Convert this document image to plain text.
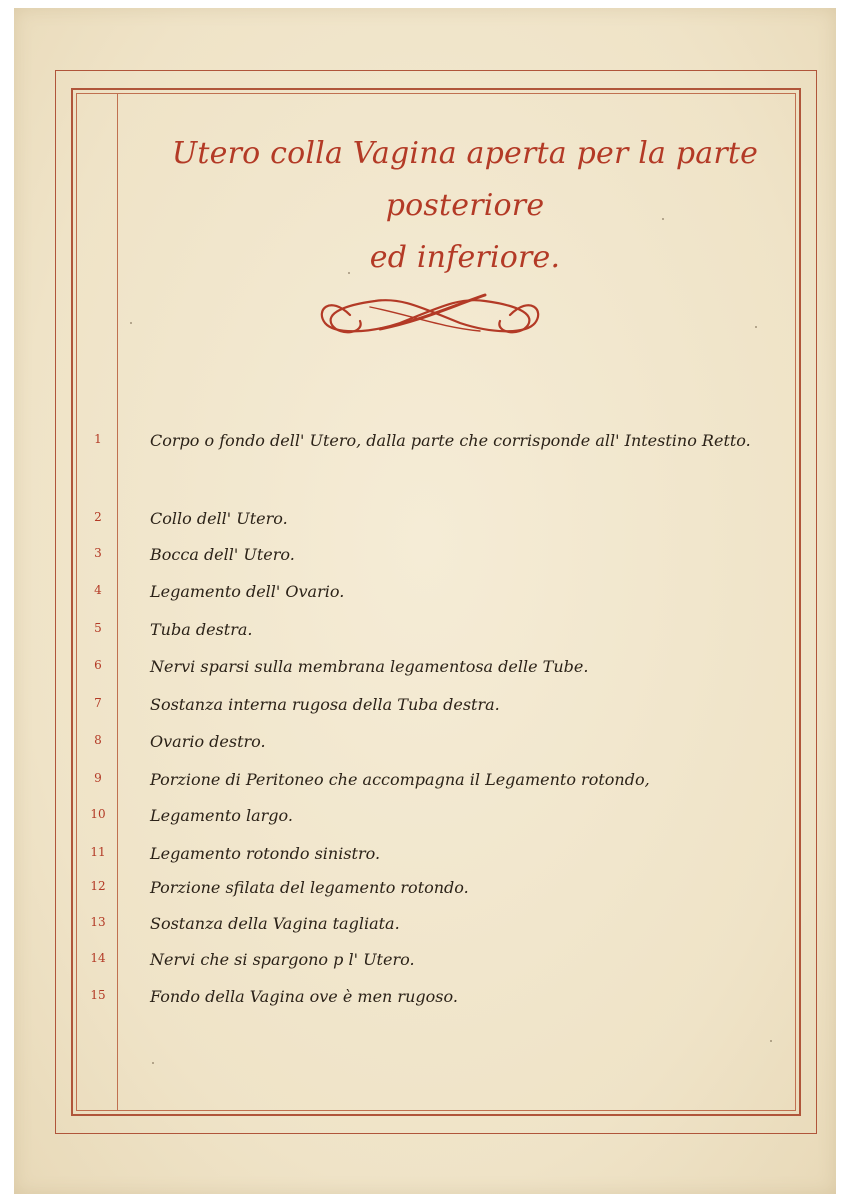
Utero colla Vagina aperta per la parte posteriore
ed inferiore.
1	Corpo o fondo dell' Utero, dalla parte che corrisponde all' Intestino Retto.
2	Collo dell' Utero.
3	Bocca dell' Utero.
4	Legamento dell' Ovario.
5	Tuba destra.
6	Nervi sparsi sulla membrana legamentosa delle Tube.
7	Sostanza interna rugosa della Tuba destra.
8	Ovario destro.
9	Porzione di Peritoneo che accompagna il Legamento rotondo,
10	Legamento largo.
11	Legamento rotondo sinistro.
12	Porzione sfilata del legamento rotondo.
13	Sostanza della Vagina tagliata.
14	Nervi che si spargono p l' Utero.
15	Fondo della Vagina ove è men rugoso.
